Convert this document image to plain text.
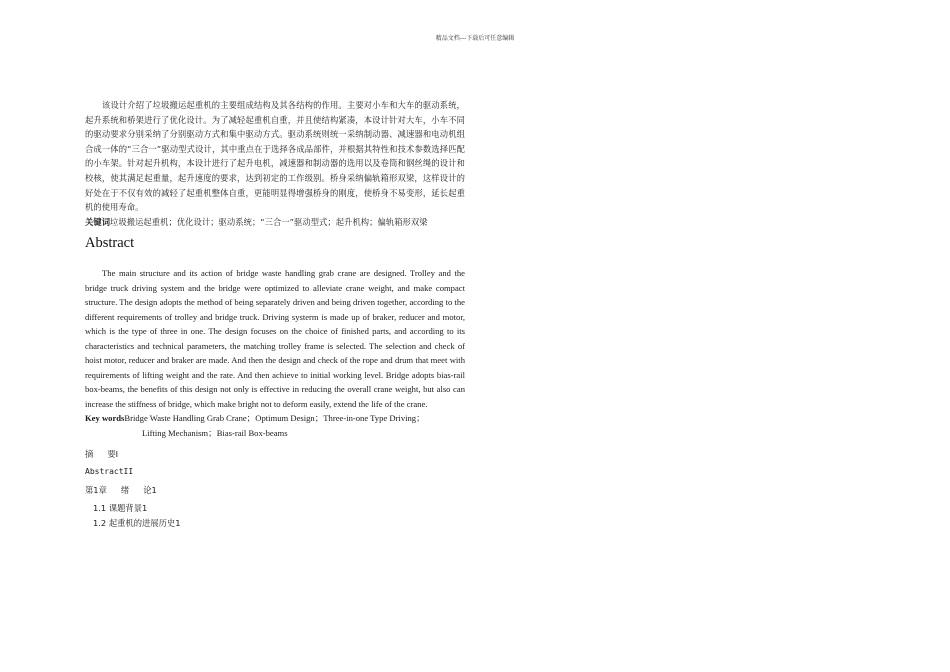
精品文档---下载后可任意编辑

该设计介绍了垃圾搬运起重机的主要组成结构及其各结构的作用。主要对小车和大车的驱动系统，起升系统和桥架进行了优化设计。为了减轻起重机自重，并且使结构紧凑，本设计针对大车，小车不同的驱动要求分别采纳了分别驱动方式和集中驱动方式。驱动系统则统一采纳制动器、减速器和电动机组合成一体的“三合一”驱动型式设计，其中重点在于选择各成品部件，并根据其特性和技术参数选择匹配的小车架。针对起升机构，本设计进行了起升电机，减速器和制动器的选用以及卷筒和钢丝绳的设计和校核，使其满足起重量，起升速度的要求，达到初定的工作级别。桥身采纳偏轨箱形双梁，这样设计的好处在于不仅有效的减轻了起重机整体自重，更能明显得增强桥身的刚度，使桥身不易变形，延长起重机的使用寿命。

关键词垃圾搬运起重机；优化设计；驱动系统；“三合一”驱动型式；起升机构；偏轨箱形双梁

Abstract

The main structure and its action of bridge waste handling grab crane are designed. Trolley and the bridge truck driving system and the bridge were optimized to alleviate crane weight, and make compact structure. The design adopts the method of being separately driven and being driven together, according to the different requirements of trolley and bridge truck. Driving systerm is made up of braker, reducer and motor, which is the type of three in one. The design focuses on the choice of finished parts, and according to its characteristics and technical parameters, the matching trolley frame is selected. The selection and check of hoist motor, reducer and braker are made. And then the design and check of the rope and drum that meet with requirements of lifting weight and the rate. And then achieve to initial working level. Bridge adopts bias-rail box-beams, the benefits of this design not only is effective in reducing the overall crane weight, but also can increase the stiffness of bridge, which make bright not to deform easily, extend the life of the crane.

Key wordsBridge Waste Handling Grab Crane；Optimum Design；Three-in-one Type Driving；
Lifting Mechanism；Bias-rail Box-beams
摘 要I
AbstractII
第1章 绪 论1
1.1 课题背景1
1.2 起重机的进展历史1
